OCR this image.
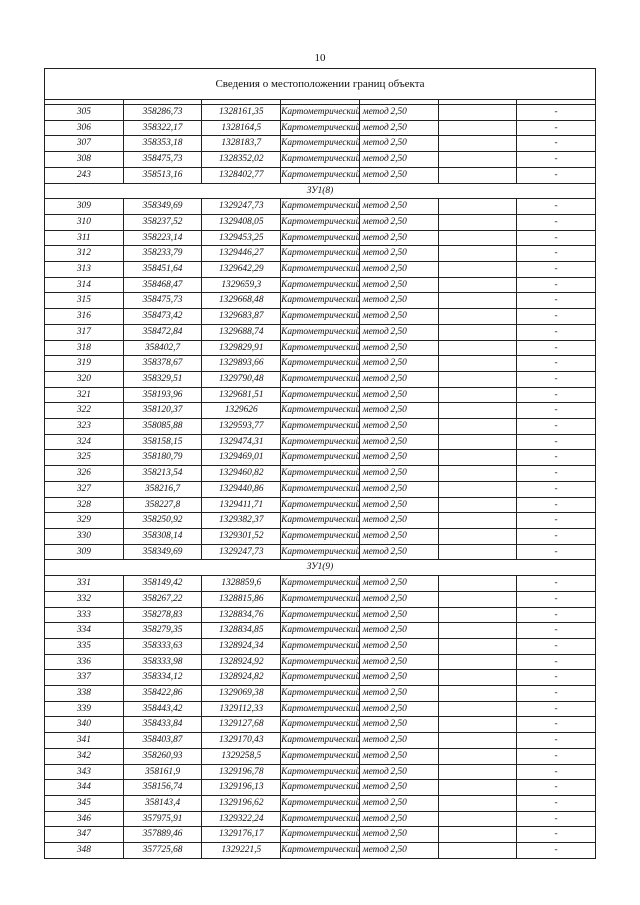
10
Сведения о местоположении границ объекта						

305	358286,73	1328161,35	Картометрический метод	2,50		-
306	358322,17	1328164,5	Картометрический метод	2,50		-
307	358353,18	1328183,7	Картометрический метод	2,50		-
308	358475,73	1328352,02	Картометрический метод	2,50		-
243	358513,16	1328402,77	Картометрический метод	2,50		-
ЗУ1(8)						
309	358349,69	1329247,73	Картометрический метод	2,50		-
310	358237,52	1329408,05	Картометрический метод	2,50		-
311	358223,14	1329453,25	Картометрический метод	2,50		-
312	358233,79	1329446,27	Картометрический метод	2,50		-
313	358451,64	1329642,29	Картометрический метод	2,50		-
314	358468,47	1329659,3	Картометрический метод	2,50		-
315	358475,73	1329668,48	Картометрический метод	2,50		-
316	358473,42	1329683,87	Картометрический метод	2,50		-
317	358472,84	1329688,74	Картометрический метод	2,50		-
318	358402,7	1329829,91	Картометрический метод	2,50		-
319	358378,67	1329893,66	Картометрический метод	2,50		-
320	358329,51	1329790,48	Картометрический метод	2,50		-
321	358193,96	1329681,51	Картометрический метод	2,50		-
322	358120,37	1329626	Картометрический метод	2,50		-
323	358085,88	1329593,77	Картометрический метод	2,50		-
324	358158,15	1329474,31	Картометрический метод	2,50		-
325	358180,79	1329469,01	Картометрический метод	2,50		-
326	358213,54	1329460,82	Картометрический метод	2,50		-
327	358216,7	1329440,86	Картометрический метод	2,50		-
328	358227,8	1329411,71	Картометрический метод	2,50		-
329	358250,92	1329382,37	Картометрический метод	2,50		-
330	358308,14	1329301,52	Картометрический метод	2,50		-
309	358349,69	1329247,73	Картометрический метод	2,50		-
ЗУ1(9)						
331	358149,42	1328859,6	Картометрический метод	2,50		-
332	358267,22	1328815,86	Картометрический метод	2,50		-
333	358278,83	1328834,76	Картометрический метод	2,50		-
334	358279,35	1328834,85	Картометрический метод	2,50		-
335	358333,63	1328924,34	Картометрический метод	2,50		-
336	358333,98	1328924,92	Картометрический метод	2,50		-
337	358334,12	1328924,82	Картометрический метод	2,50		-
338	358422,86	1329069,38	Картометрический метод	2,50		-
339	358443,42	1329112,33	Картометрический метод	2,50		-
340	358433,84	1329127,68	Картометрический метод	2,50		-
341	358403,87	1329170,43	Картометрический метод	2,50		-
342	358260,93	1329258,5	Картометрический метод	2,50		-
343	358161,9	1329196,78	Картометрический метод	2,50		-
344	358156,74	1329196,13	Картометрический метод	2,50		-
345	358143,4	1329196,62	Картометрический метод	2,50		-
346	357975,91	1329322,24	Картометрический метод	2,50		-
347	357889,46	1329176,17	Картометрический метод	2,50		-
348	357725,68	1329221,5	Картометрический метод	2,50		-
